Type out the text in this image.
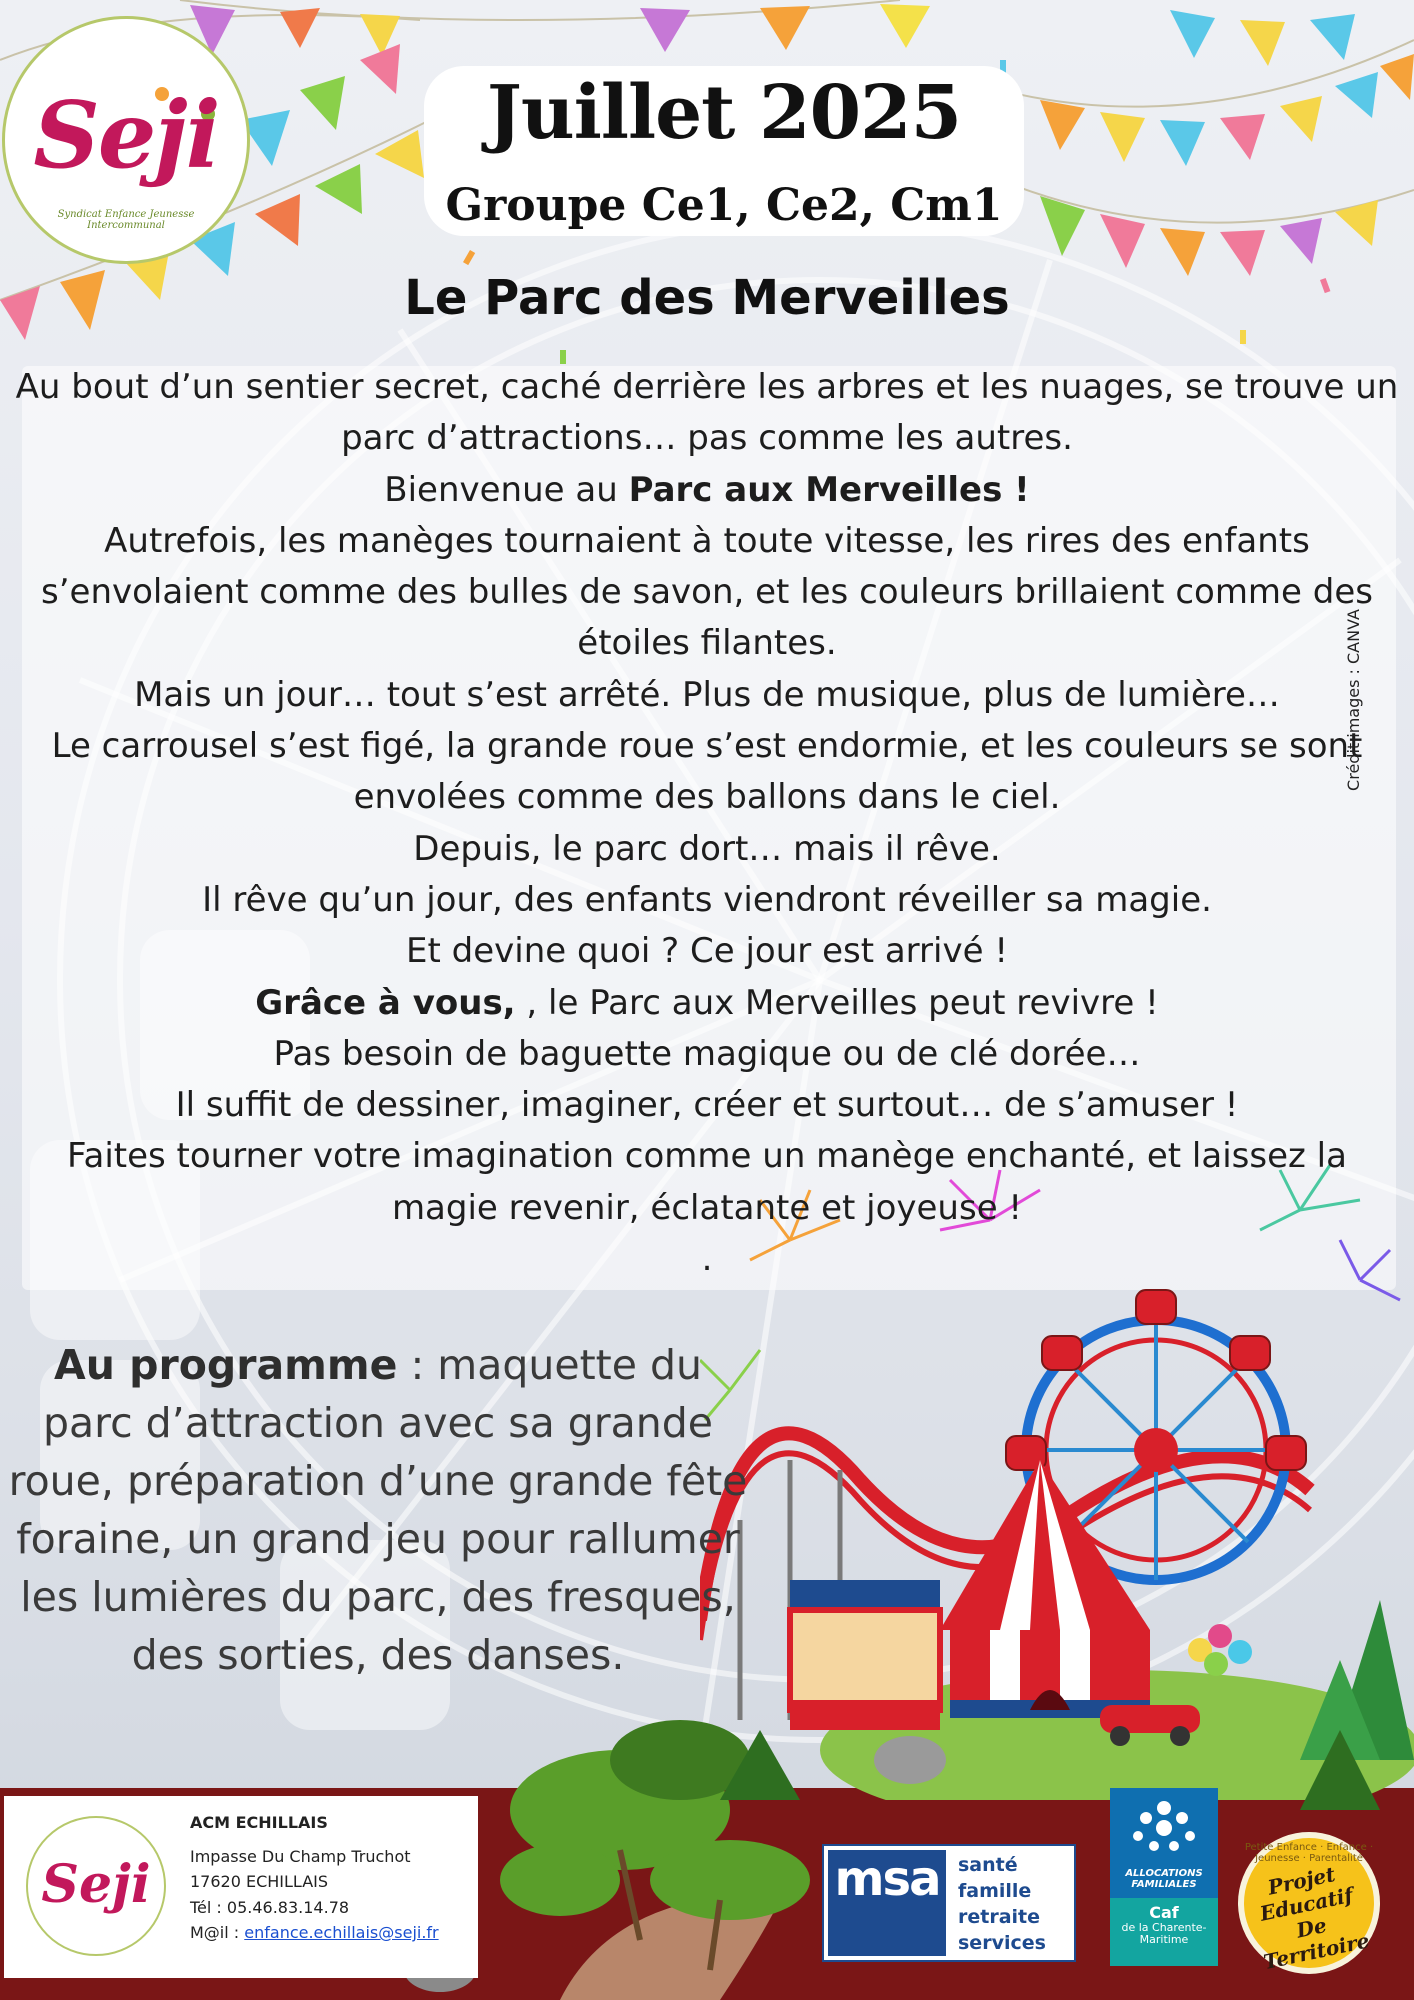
Seji
Syndicat Enfance Jeunesse Intercommunal
Juillet 2025
Groupe Ce1, Ce2, Cm1
Le Parc des Merveilles

Au bout d’un sentier secret, caché derrière les arbres et les nuages, se trouve un parc d’attractions… pas comme les autres.

Bienvenue au Parc aux Merveilles !

Autrefois, les manèges tournaient à toute vitesse, les rires des enfants s’envolaient comme des bulles de savon, et les couleurs brillaient comme des étoiles filantes.

Mais un jour… tout s’est arrêté. Plus de musique, plus de lumière…

Le carrousel s’est figé, la grande roue s’est endormie, et les couleurs se sont envolées comme des ballons dans le ciel.

Depuis, le parc dort… mais il rêve.

Il rêve qu’un jour, des enfants viendront réveiller sa magie.

Et devine quoi ? Ce jour est arrivé !

Grâce à vous, , le Parc aux Merveilles peut revivre !

Pas besoin de baguette magique ou de clé dorée…

Il suffit de dessiner, imaginer, créer et surtout… de s’amuser !

Faites tourner votre imagination comme un manège enchanté, et laissez la magie revenir, éclatante et joyeuse !

.

Crédit images : CANVA
Au programme : maquette du parc d’attraction avec sa grande roue, préparation d’une grande fête foraine, un grand jeu pour rallumer les lumières du parc, des fresques, des sorties, des danses.
Seji
ACM ECHILLAIS
Impasse Du Champ Truchot
17620 ECHILLAIS
Tél : 05.46.83.14.78
M@il : enfance.echillais@seji.fr
msa santé
famille
retraite
services
ALLOCATIONS FAMILIALES
Caf
de la Charente-Maritime
Petite Enfance · Enfance · Jeunesse · Parentalité
Projet Educatif De Territoire
